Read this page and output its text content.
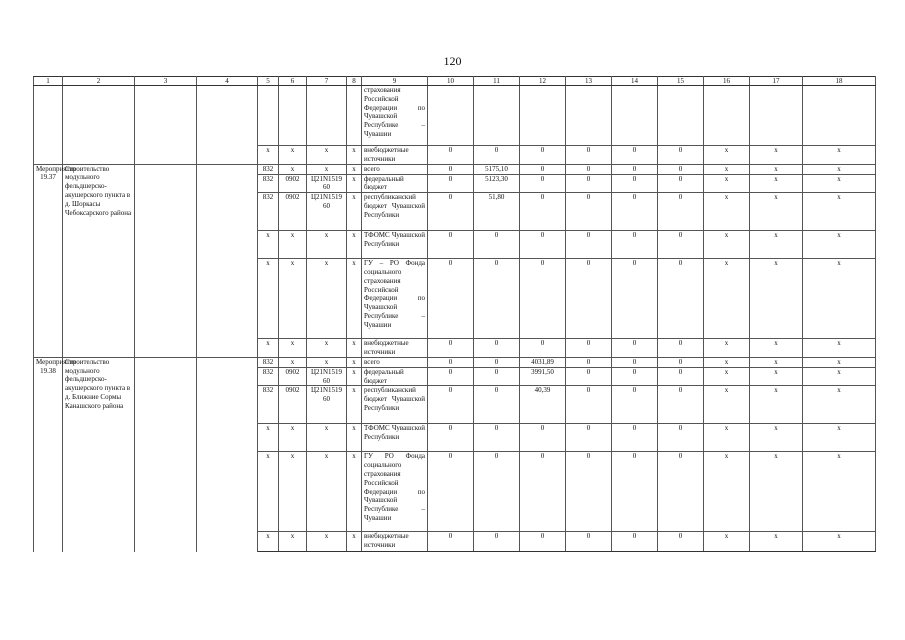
120
1	2	3	4	5	6	7	8	9	10	11	12	13	14	15	16	17	18
								страхования Российской Федерации по Чувашской Республике – Чувашии									
				x	x	x	x	внебюджетные источники	0	0	0	0	0	0	x	x	x
Мероприятие 19.37	Строительство модульного фельдшерско-акушерского пункта в д. Шоркасы Чебоксарского района			832	x	x	x	всего	0	5175,10	0	0	0	0	x	x	x
				832	0902	Ц21N1519 60	x	федеральный бюджет	0	5123,30	0	0	0	0	x	x	x
				832	0902	Ц21N1519 60	x	республиканский бюджет Чувашской Республики	0	51,80	0	0	0	0	x	x	x
				x	x	x	x	ТФОМС Чувашской Республики	0	0	0	0	0	0	x	x	x
				x	x	x	x	ГУ – РО Фонда социального страхования Российской Федерации по Чувашской Республике – Чувашии	0	0	0	0	0	0	x	x	x
				x	x	x	x	внебюджетные источники	0	0	0	0	0	0	x	x	x
Мероприятие 19.38	Строительство модульного фельдшерско-акушерского пункта в д. Ближние Сормы Канашского района			832	x	x	x	всего	0	0	4031,89	0	0	0	x	x	x
				832	0902	Ц21N1519 60	x	федеральный бюджет	0	0	3991,50	0	0	0	x	x	x
				832	0902	Ц21N1519 60	x	республиканский бюджет Чувашской Республики	0	0	40,39	0	0	0	x	x	x
				x	x	x	x	ТФОМС Чувашской Республики	0	0	0	0	0	0	x	x	x
				x	x	x	x	ГУ РО Фонда социального страхования Российской Федерации по Чувашской Республике – Чувашии	0	0	0	0	0	0	x	x	x
				x	x	x	x	внебюджетные источники	0	0	0	0	0	0	x	x	x
